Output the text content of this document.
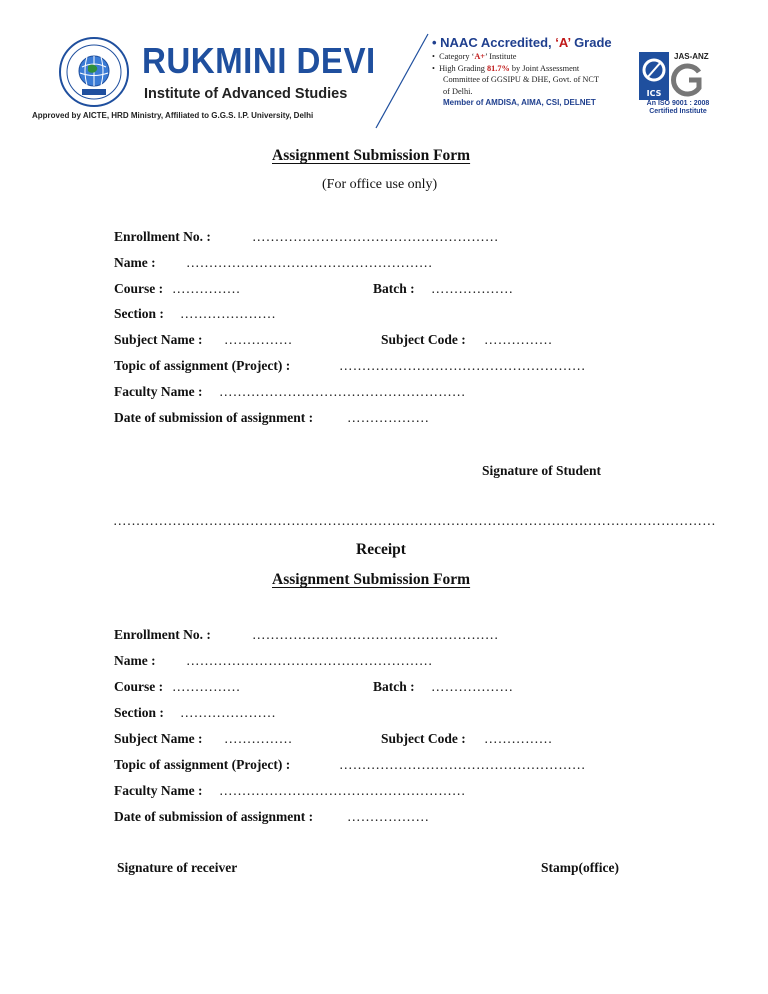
RUKMINI DEVI
Institute of Advanced Studies
Approved by AICTE, HRD Ministry, Affiliated to G.G.S. I.P. University, Delhi
• NAAC Accredited, ‘A’ Grade
•  Category ‘A+’ Institute
•  High Grading 81.7% by Joint Assessment
Committee of GGSIPU & DHE, Govt. of NCT
of Delhi.
Member of AMDISA, AIMA, CSI, DELNET
ICS
JAS-ANZ
An ISO 9001 : 2008
Certified Institute
Assignment Submission Form
(For office use only)
Enrollment No. :	………………………………………………
Name : ………………………………………………
Course : ……………	Batch : ………………
Section : …………………
Subject Name : ……………	Subject Code : ……………
Topic of assignment (Project) :	………………………………………………
Faculty Name : ………………………………………………
Date of submission of assignment :	………………
Signature of Student
……………………………………………………………………………………………………………………
Receipt
Assignment Submission Form
Enrollment No. :	………………………………………………
Name : ………………………………………………
Course : ……………	Batch : ………………
Section : …………………
Subject Name : ……………	Subject Code : ……………
Topic of assignment (Project) :	………………………………………………
Faculty Name : ………………………………………………
Date of submission of assignment :	………………
Signature of receiver	Stamp(office)
